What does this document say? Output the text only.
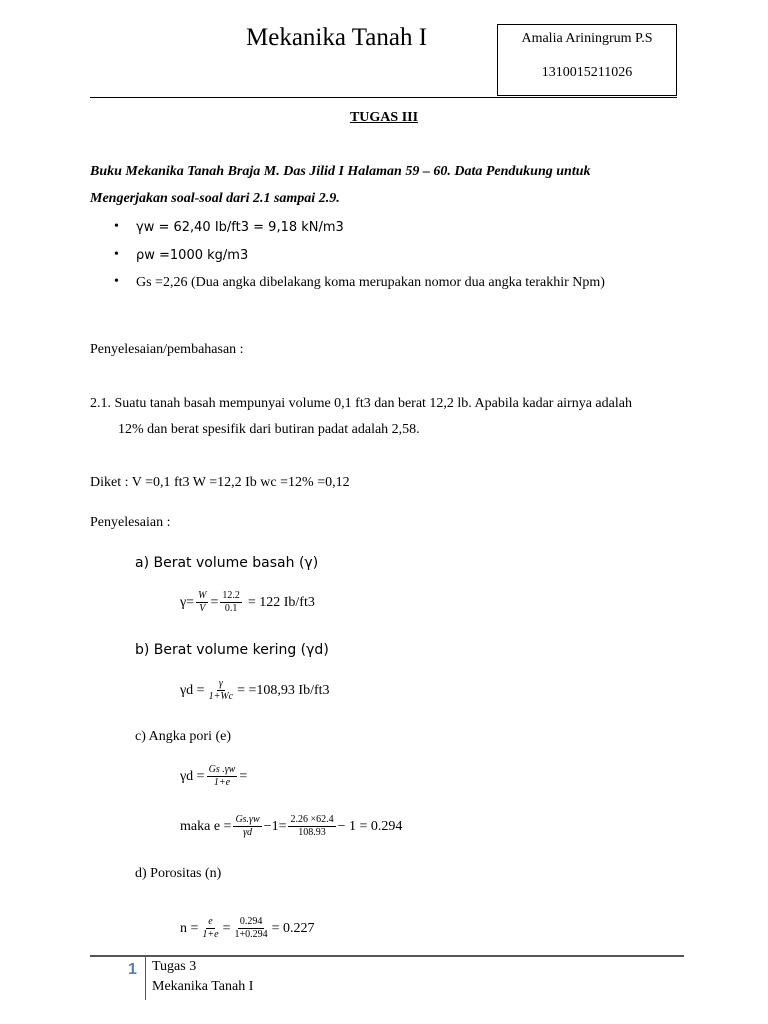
Mekanika Tanah I	Amalia Ariningrum P.S
1310015211026
TUGAS III
Buku Mekanika Tanah Braja M. Das Jilid I Halaman 59 – 60. Data Pendukung untuk
Mengerjakan soal-soal dari 2.1 sampai 2.9.
• γw = 62,40 Ib/ft3 = 9,18 kN/m3
• ρw =1000 kg/m3
• Gs =2,26 (Dua angka dibelakang koma merupakan nomor dua angka terakhir Npm)
Penyelesaian/pembahasan :
2.1. Suatu tanah basah mempunyai volume 0,1 ft3 dan berat 12,2 lb. Apabila kadar airnya adalah
12% dan berat spesifik dari butiran padat adalah 2,58.
Diket : V =0,1 ft3 W =12,2 Ib wc =12% =0,12
Penyelesaian :
a) Berat volume basah (γ)
$\gamma= \frac{W}{V} = \frac{12.2}{0.1} = 122$ Ib/ft3
b) Berat volume kering (γd)
$\gamma d = \frac{\gamma}{1+Wc} = =108,93$ Ib/ft3
c) Angka pori (e)
$\gamma d = \frac{Gs .\gamma w}{1+e}$ =
maka $e = \frac{Gs.\gamma w}{\gamma d} -1= \frac{2.26 \times 62.4}{108.93} - 1 = 0.294$
d) Porositas (n)
$n = \frac{e}{1+e} = \frac{0.294}{1+0.294} = 0.227$
1 Tugas 3
Mekanika Tanah I
